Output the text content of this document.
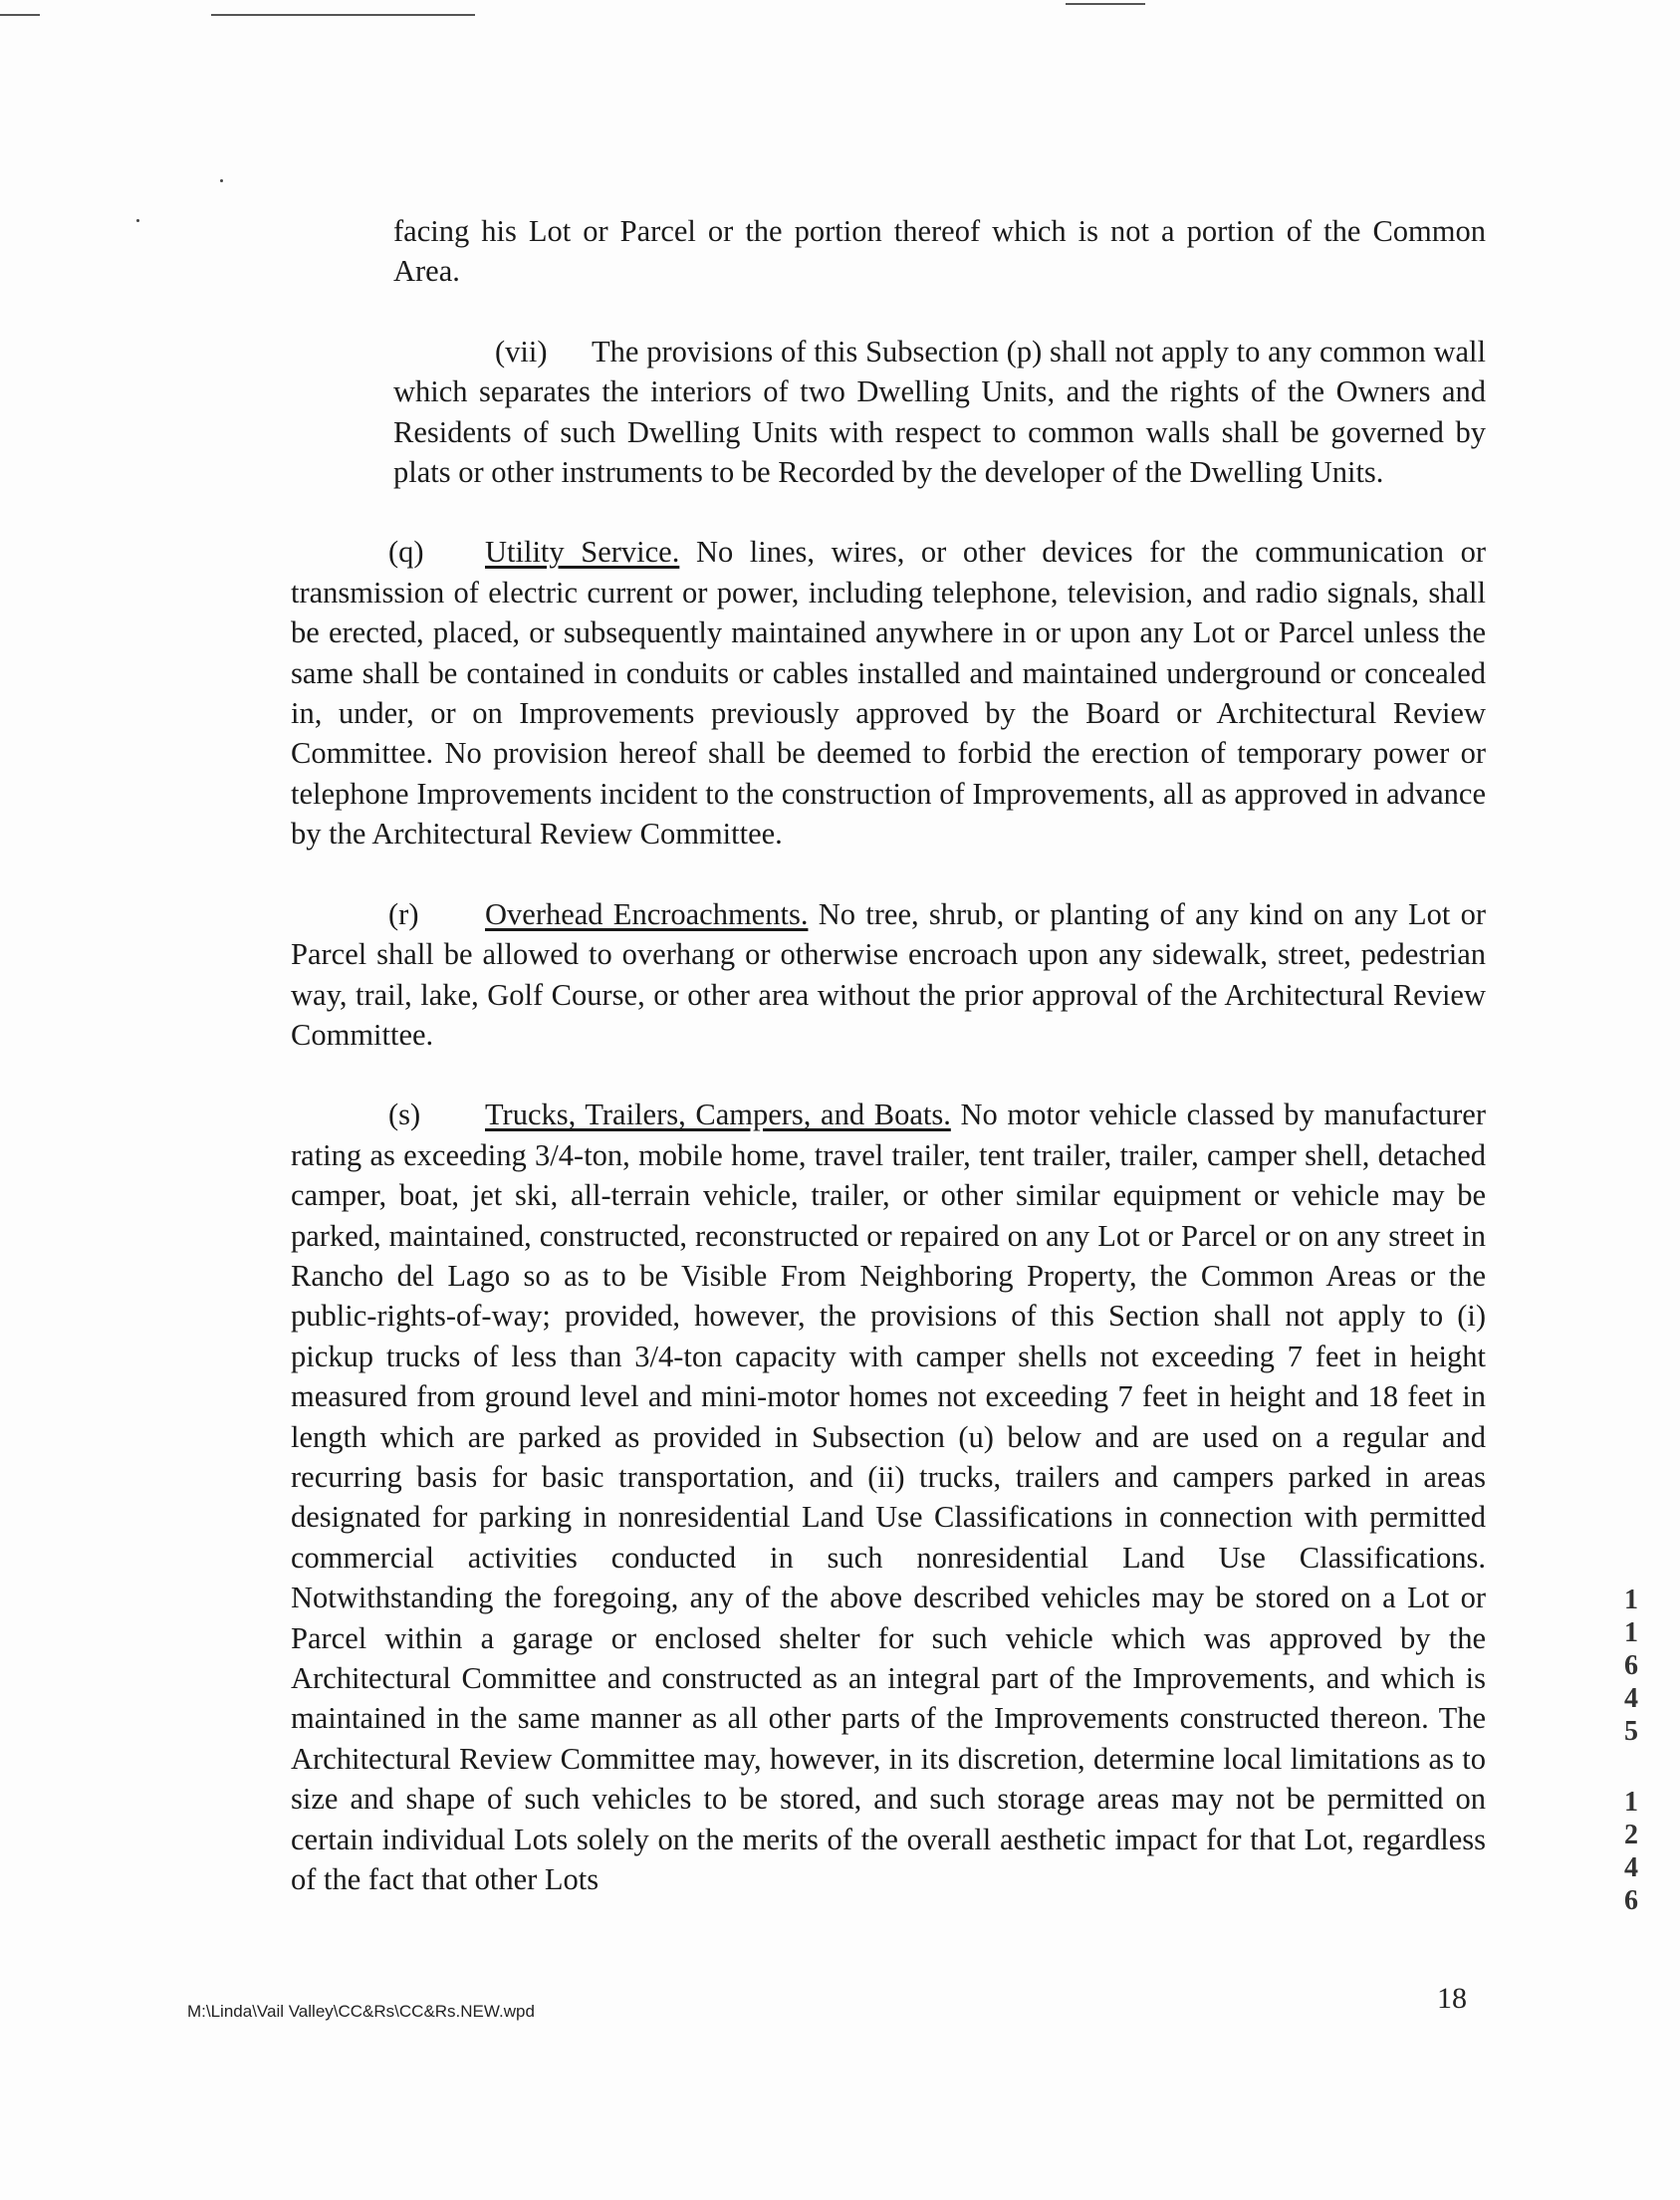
facing his Lot or Parcel or the portion thereof which is not a portion of the Common Area.

(vii) The provisions of this Subsection (p) shall not apply to any common wall which separates the interiors of two Dwelling Units, and the rights of the Owners and Residents of such Dwelling Units with respect to common walls shall be governed by plats or other instruments to be Recorded by the developer of the Dwelling Units.

(q) Utility Service. No lines, wires, or other devices for the communication or transmission of electric current or power, including telephone, television, and radio signals, shall be erected, placed, or subsequently maintained anywhere in or upon any Lot or Parcel unless the same shall be contained in conduits or cables installed and maintained underground or concealed in, under, or on Improvements previously approved by the Board or Architectural Review Committee. No provision hereof shall be deemed to forbid the erection of temporary power or telephone Improvements incident to the construction of Improvements, all as approved in advance by the Architectural Review Committee.

(r) Overhead Encroachments. No tree, shrub, or planting of any kind on any Lot or Parcel shall be allowed to overhang or otherwise encroach upon any sidewalk, street, pedestrian way, trail, lake, Golf Course, or other area without the prior approval of the Architectural Review Committee.

(s) Trucks, Trailers, Campers, and Boats. No motor vehicle classed by manufacturer rating as exceeding 3/4-ton, mobile home, travel trailer, tent trailer, trailer, camper shell, detached camper, boat, jet ski, all-terrain vehicle, trailer, or other similar equipment or vehicle may be parked, maintained, constructed, reconstructed or repaired on any Lot or Parcel or on any street in Rancho del Lago so as to be Visible From Neighboring Property, the Common Areas or the public-rights-of-way; provided, however, the provisions of this Section shall not apply to (i) pickup trucks of less than 3/4-ton capacity with camper shells not exceeding 7 feet in height measured from ground level and mini-motor homes not exceeding 7 feet in height and 18 feet in length which are parked as provided in Subsection (u) below and are used on a regular and recurring basis for basic transportation, and (ii) trucks, trailers and campers parked in areas designated for parking in nonresidential Land Use Classifications in connection with permitted commercial activities conducted in such nonresidential Land Use Classifications. Notwithstanding the foregoing, any of the above described vehicles may be stored on a Lot or Parcel within a garage or enclosed shelter for such vehicle which was approved by the Architectural Committee and constructed as an integral part of the Improvements, and which is maintained in the same manner as all other parts of the Improvements constructed thereon. The Architectural Review Committee may, however, in its discretion, determine local limitations as to size and shape of such vehicles to be stored, and such storage areas may not be permitted on certain individual Lots solely on the merits of the overall aesthetic impact for that Lot, regardless of the fact that other Lots

1
1
6
4
5
1
2
4
6
M:\Linda\Vail Valley\CC&Rs\CC&Rs.NEW.wpd	18
